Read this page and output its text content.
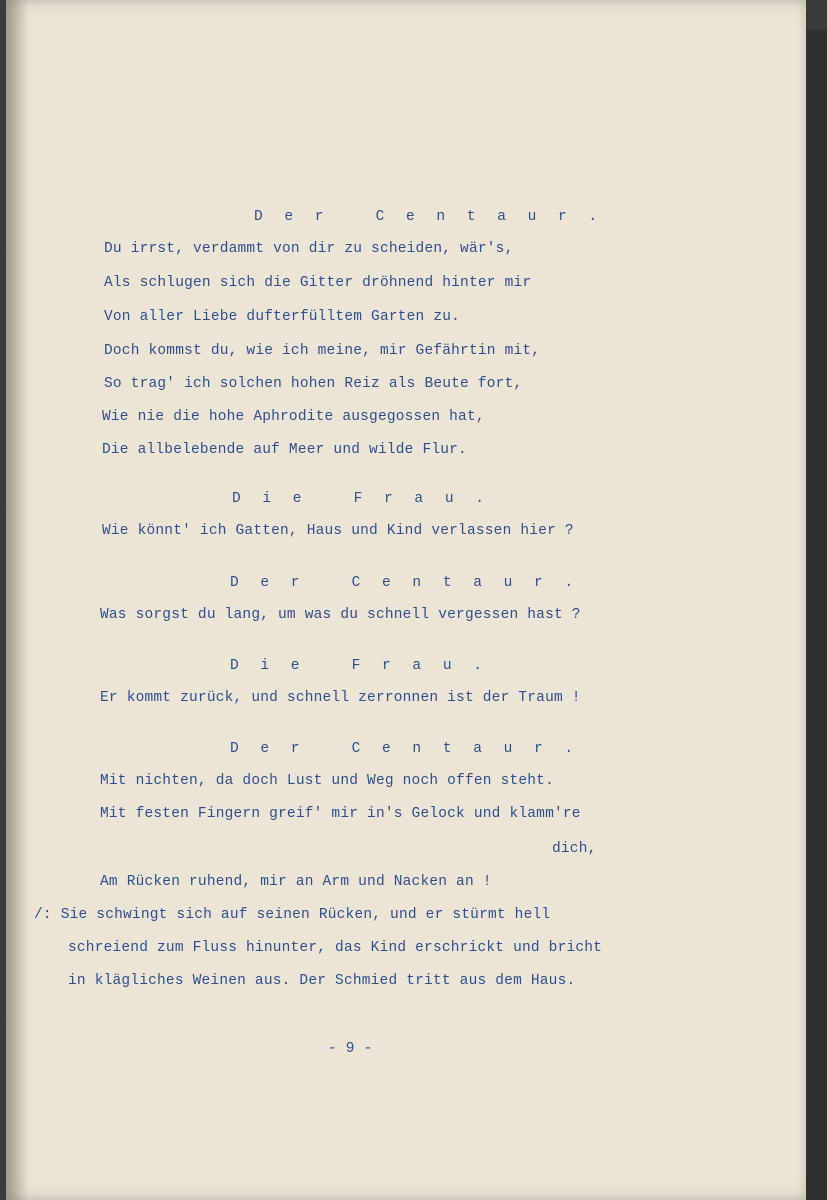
D e r   C e n t a u r .
Du irrst, verdammt von dir zu scheiden, wär's,
Als schlugen sich die Gitter dröhnend hinter mir
Von aller Liebe dufterfülltem Garten zu.
Doch kommst du, wie ich meine, mir Gefährtin mit,
So trag' ich solchen hohen Reiz als Beute fort,
Wie nie die hohe Aphrodite ausgegossen hat,
Die allbelebende auf Meer und wilde Flur.
D i e   F r a u .
Wie könnt' ich Gatten, Haus und Kind verlassen hier ?
D e r   C e n t a u r .
Was sorgst du lang, um was du schnell vergessen hast ?
D i e   F r a u .
Er kommt zurück, und schnell zerronnen ist der Traum !
D e r   C e n t a u r .
Mit nichten, da doch Lust und Weg noch offen steht.
Mit festen Fingern greif' mir in's Gelock und klamm're
dich,
Am Rücken ruhend, mir an Arm und Nacken an !
/: Sie schwingt sich auf seinen Rücken, und er stürmt hell
schreiend zum Fluss hinunter, das Kind erschrickt und bricht
in klägliches Weinen aus. Der Schmied tritt aus dem Haus.
- 9 -
